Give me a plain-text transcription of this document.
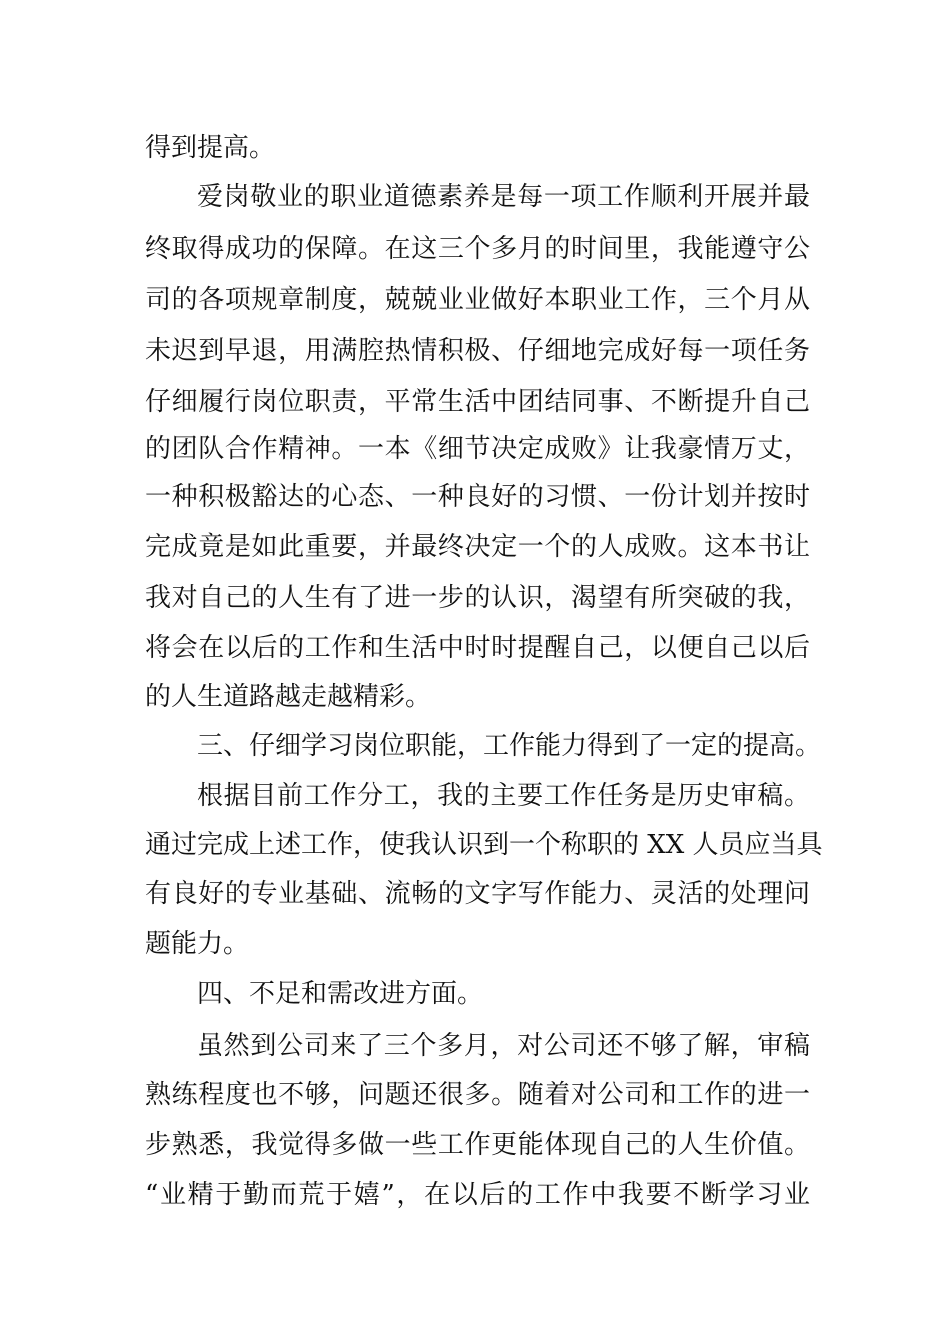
得到提高。
爱岗敬业的职业道德素养是每一项工作顺利开展并最
终取得成功的保障。在这三个多月的时间里，我能遵守公
司的各项规章制度，兢兢业业做好本职业工作，三个月从
未迟到早退，用满腔热情积极、仔细地完成好每一项任务
仔细履行岗位职责，平常生活中团结同事、不断提升自己
的团队合作精神。一本《细节决定成败》让我豪情万丈，
一种积极豁达的心态、一种良好的习惯、一份计划并按时
完成竟是如此重要，并最终决定一个的人成败。这本书让
我对自己的人生有了进一步的认识，渴望有所突破的我，
将会在以后的工作和生活中时时提醒自己，以便自己以后
的人生道路越走越精彩。
三、仔细学习岗位职能，工作能力得到了一定的提高。
根据目前工作分工，我的主要工作任务是历史审稿。
通过完成上述工作，使我认识到一个称职的 XX 人员应当具
有良好的专业基础、流畅的文字写作能力、灵活的处理问
题能力。
四、不足和需改进方面。
虽然到公司来了三个多月，对公司还不够了解，审稿
熟练程度也不够，问题还很多。随着对公司和工作的进一
步熟悉，我觉得多做一些工作更能体现自己的人生价值。
“业精于勤而荒于嬉”，在以后的工作中我要不断学习业
